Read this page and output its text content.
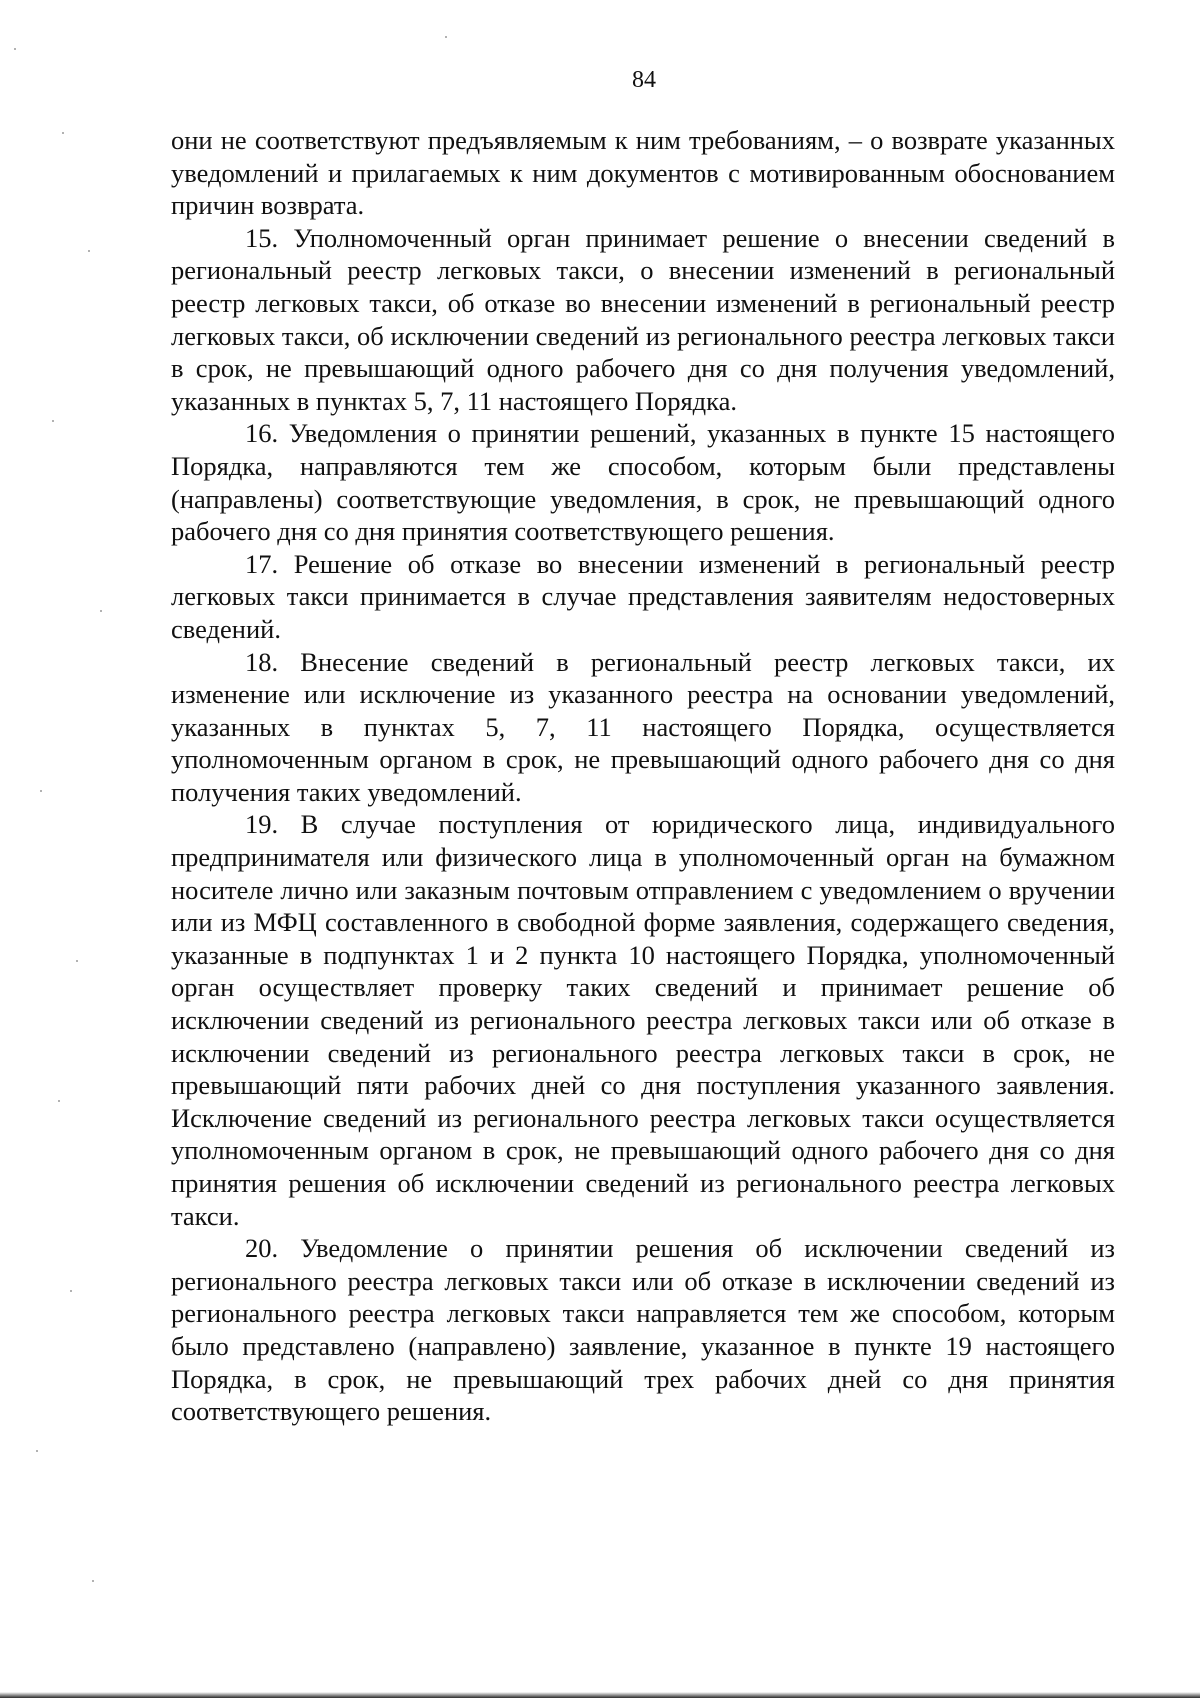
84

они не соответствуют предъявляемым к ним требованиям, – о возврате указанных уведомлений и прилагаемых к ним документов с мотивированным обоснованием причин возврата.

15. Уполномоченный орган принимает решение о внесении сведений в региональный реестр легковых такси, о внесении изменений в региональный реестр легковых такси, об отказе во внесении изменений в региональный реестр легковых такси, об исключении сведений из регионального реестра легковых такси в срок, не превышающий одного рабочего дня со дня получения уведомлений, указанных в пунктах 5, 7, 11 настоящего Порядка.

16. Уведомления о принятии решений, указанных в пункте 15 настоящего Порядка, направляются тем же способом, которым были представлены (направлены) соответствующие уведомления, в срок, не превышающий одного рабочего дня со дня принятия соответствующего решения.

17. Решение об отказе во внесении изменений в региональный реестр легковых такси принимается в случае представления заявителям недостоверных сведений.

18. Внесение сведений в региональный реестр легковых такси, их изменение или исключение из указанного реестра на основании уведомлений, указанных в пунктах 5, 7, 11 настоящего Порядка, осуществляется уполномоченным органом в срок, не превышающий одного рабочего дня со дня получения таких уведомлений.

19. В случае поступления от юридического лица, индивидуального предпринимателя или физического лица в уполномоченный орган на бумажном носителе лично или заказным почтовым отправлением с уведомлением о вручении или из МФЦ составленного в свободной форме заявления, содержащего сведения, указанные в подпунктах 1 и 2 пункта 10 настоящего Порядка, уполномоченный орган осуществляет проверку таких сведений и принимает решение об исключении сведений из регионального реестра легковых такси или об отказе в исключении сведений из регионального реестра легковых такси в срок, не превышающий пяти рабочих дней со дня поступления указанного заявления. Исключение сведений из регионального реестра легковых такси осуществляется уполномоченным органом в срок, не превышающий одного рабочего дня со дня принятия решения об исключении сведений из регионального реестра легковых такси.

20. Уведомление о принятии решения об исключении сведений из регионального реестра легковых такси или об отказе в исключении сведений из регионального реестра легковых такси направляется тем же способом, которым было представлено (направлено) заявление, указанное в пункте 19 настоящего Порядка, в срок, не превышающий трех рабочих дней со дня принятия соответствующего решения.
